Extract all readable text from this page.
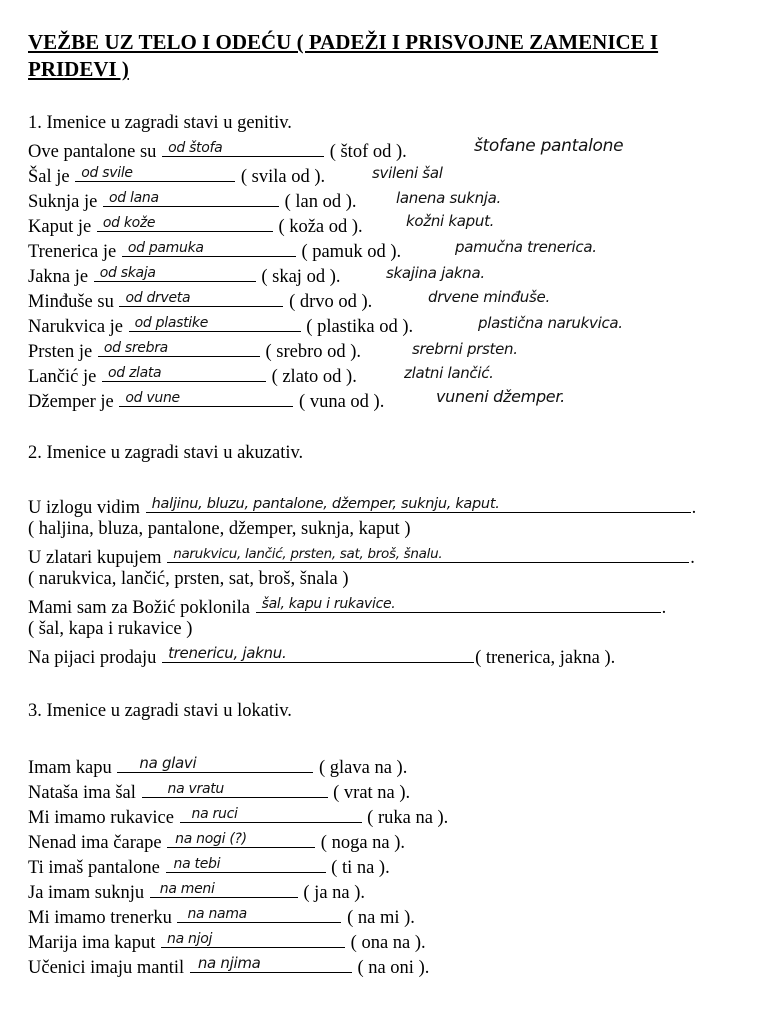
VEŽBE UZ TELO I ODEĆU ( PADEŽI I PRISVOJNE ZAMENICE I PRIDEVI )
1. Imenice u zagradi stavi u genitiv.
Ove pantalone su od štofa	( štof od ).	štofane pantalone
Šal je od svile	( svila od ).	svileni šal
Suknja je od lana	( lan od ).	lanena suknja.
Kaput je od kože	( koža od ).	kožni kaput.
Trenerica je od pamuka	( pamuk od ).	pamučna trenerica.
Jakna je od skaja	( skaj od ).	skajina jakna.
Minđuše su od drveta	( drvo od ).	drvene minđuše.
Narukvica je od plastike	( plastika od ).	plastična narukvica.
Prsten je od srebra	( srebro od ).	srebrni prsten.
Lančić je od zlata	( zlato od ).	zlatni lančić.
Džemper je od vune	( vuna od ).	vuneni džemper.
2. Imenice u zagradi stavi u akuzativ.
U izlogu vidim haljinu, bluzu, pantalone, džemper, suknju, kaput.	.
( haljina, bluza, pantalone, džemper, suknja, kaput )
U zlatari kupujem narukvicu, lančić, prsten, sat, broš, šnalu.	.
( narukvica, lančić, prsten, sat, broš, šnala )
Mami sam za Božić poklonila šal, kapu i rukavice.	.
( šal, kapa i rukavice )
Na pijaci prodaju trenericu, jaknu.	( trenerica, jakna ).
3. Imenice u zagradi stavi u lokativ.
Imam kapu na glavi	( glava na ).
Nataša ima šal na vratu	( vrat na ).
Mi imamo rukavice na ruci	( ruka na ).
Nenad ima čarape na nogi (?)	( noga na ).
Ti imaš pantalone na tebi	( ti na ).
Ja imam suknju na meni	( ja na ).
Mi imamo trenerku na nama	( na mi ).
Marija ima kaput na njoj	( ona na ).
Učenici imaju mantil na njima	( na oni ).
